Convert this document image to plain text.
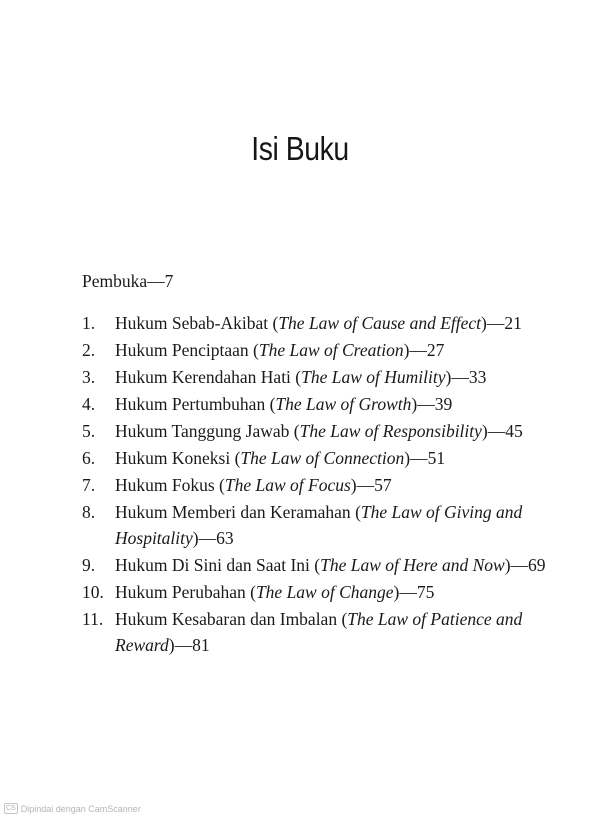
Isi Buku
Pembuka—7
1.	Hukum Sebab-Akibat (The Law of Cause and Effect)—21
2.	Hukum Penciptaan (The Law of Creation)—27
3.	Hukum Kerendahan Hati (The Law of Humility)—33
4.	Hukum Pertumbuhan (The Law of Growth)—39
5.	Hukum Tanggung Jawab (The Law of Responsibility)—45
6.	Hukum Koneksi (The Law of Connection)—51
7.	Hukum Fokus (The Law of Focus)—57
8.	Hukum Memberi dan Keramahan (The Law of Giving and Hospitality)—63
9.	Hukum Di Sini dan Saat Ini (The Law of Here and Now)—69
10. Hukum Perubahan (The Law of Change)—75
11. Hukum Kesabaran dan Imbalan (The Law of Patience and Reward)—81
CS Dipindai dengan CamScanner
